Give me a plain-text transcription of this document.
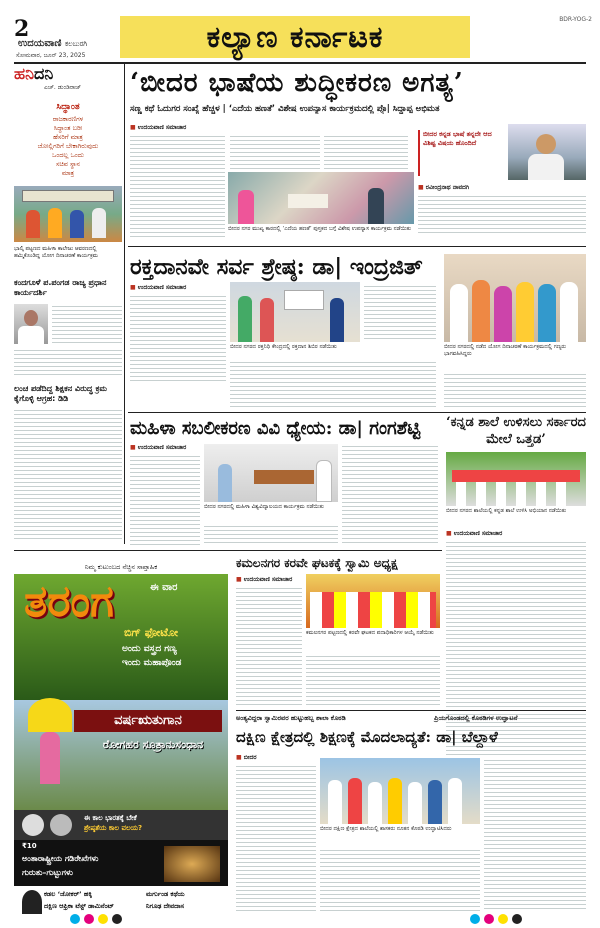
2
ಉದಯವಾಣಿ ಕಲಬುರಗಿ
ಸೋಮವಾರ, ಜೂನ್ 23, 2025
ಕಲ್ಯಾಣ ಕರ್ನಾಟಕ	BDR-YOG-2
ಹನಿದನಿ
ಎಚ್. ಡುಂಡಿರಾಜ್
ಸಿದ್ಧಾಂತ
ರಾಜಕಾರಣಿಗಳ
ಸಿದ್ಧಾಂತ ಬರೀ
ಹೆಸರಿಗೆ ಮಾತ್ರ
ಜೋಲ್ಲಿಗರಿಗೆ ಬೇಕಾಗಿರುವುದು
ಒಂದಲ್ಲ ಒಂದು
ಸಚಿವ ಸ್ಥಾನ
ಮಾತ್ರ
ಭಾಲ್ಕಿ ಪಟ್ಟಣದ ಮಹಿಳಾ ಕಾಲೇಜು ಆವರಣದಲ್ಲಿ ಹಮ್ಮಿಕೊಂಡಿದ್ದ ಯೋಗ ದಿನಾಚರಣೆ ಕಾರ್ಯಕ್ರಮ
‘ಬೀದರ ಭಾಷೆಯ ಶುದ್ಧೀಕರಣ ಅಗತ್ಯ’
ಸಣ್ಣ ಕಥೆ ಓದುಗರ ಸಂಖ್ಯೆ ಹೆಚ್ಚಳ | ‘ಎದೆಯ ಹಣತೆ’ ವಿಶೇಷ ಉಪನ್ಯಾಸ ಕಾರ್ಯಕ್ರಮದಲ್ಲಿ ಪ್ರೊ| ಸಿದ್ದಾಪ್ಪ ಅಭಿಮತ
■ ಉದಯವಾಣಿ ಸಮಾಚಾರ
ಬೀದರ ನಗರ ಮುಖ್ಯ ಕಾರದಲ್ಲಿ ‘ಎದೆಯ ಹಣತೆ’ ಪುಸ್ತಕದ ಬಗ್ಗೆ ವಿಶೇಷ ಉಪನ್ಯಾಸ ಕಾರ್ಯಕ್ರಮ ನಡೆಯಿತು
ಬೀದರ ಕನ್ನಡ ಭಾಷೆ ತನ್ನದೇ ಆದ ವಿಶಿಷ್ಟ ವಿಷಯ ಹೊಂದಿದೆ
■ ರವೀಂದ್ರನಾಥ ನಾವದಗಿ
ರಕ್ತದಾನವೇ ಸರ್ವ ಶ್ರೇಷ್ಠ: ಡಾ| ಇಂದ್ರಜಿತ್
■ ಉದಯವಾಣಿ ಸಮಾಚಾರ
ಬೀದರ ನಗರದ ರಕ್ತನಿಧಿ ಕೇಂದ್ರದಲ್ಲಿ ರಕ್ತದಾನ ಶಿಬಿರ ನಡೆಯಿತು
ಕಂದಗೂಳೆ ಪ.ಪಂಗಡ ರಾಜ್ಯ ಪ್ರಧಾನ ಕಾರ್ಯದರ್ಶಿ
ಲಂಚ ಪಡೆದಿದ್ದ ಶಿಕ್ಷಕನ ವಿರುದ್ಧ ಕ್ರಮ ಕೈಗೊಳ್ಳಿ ಆಗ್ರಹ: ಡಿಡಿ
ಬೀದರ ನಗರದಲ್ಲಿ ನಡೆದ ಯೋಗ ದಿನಾಚರಣೆ ಕಾರ್ಯಕ್ರಮದಲ್ಲಿ ಗಣ್ಯರು ಭಾಗವಹಿಸಿದ್ದರು
ಮಹಿಳಾ ಸಬಲೀಕರಣ ವಿವಿ ಧ್ಯೇಯ: ಡಾ| ಗಂಗಶೆಟ್ಟಿ
■ ಉದಯವಾಣಿ ಸಮಾಚಾರ
ಬೀದರ ನಗರದಲ್ಲಿ ಮಹಿಳಾ ವಿಶ್ವವಿದ್ಯಾಲಯದ ಕಾರ್ಯಕ್ರಮ ನಡೆಯಿತು
‘ಕನ್ನಡ ಶಾಲೆ ಉಳಿಸಲು ಸರ್ಕಾರದ ಮೇಲೆ ಒತ್ತಡ’
ಬೀದರ ನಗರದ ಶಾಲೆಯಲ್ಲಿ ಕನ್ನಡ ಶಾಲೆ ಉಳಿಸಿ ಅಭಿಯಾನ ನಡೆಯಿತು
■ ಉದಯವಾಣಿ ಸಮಾಚಾರ
ನಿಮ್ಮ ಕುಟುಂಬದ ನೆಚ್ಚಿನ ಸಾಪ್ತಾಹಿಕ
ತರಂಗ	ಈ ವಾರ
ಬಿಗ್ ಫೋಟೋ
ಅಂದು ವಸ್ತ್ರದ ಗಣ್ಯ
ಇಂದು ಮಹಾಪೊಂಡ
ವರ್ಷಋತುಗಾನ
ರೋಗಹರ ಸೂತ್ರಾನುಸಂಧಾನ
ಈ ಕಾಲ ಭಾರತಕ್ಕೆ ಬೇಕೆ
ಶ್ರೇಷ್ಠತೆಯ ಕಾಲ ವಲಯ?
₹10
ಅಂತಾರಾಷ್ಟ್ರೀಯ ಗಡಿರೇಖೆಗಳು
ಗುರುತು–ಗುಟ್ಟುಗಳು
ಕಡಲ ‘ಜೋಕರ್’ ಹಕ್ಕಿ
ದಕ್ಷಿಣ ಆಫ್ರಿಕಾ ಟೆಸ್ಟ್ ಡಾಮಿನೆಂಟ್
ಮರ್ಗುಂಡ ಕಥೆಯ
ನಿಗೂಢ ದೇವದಾಸ
ಕಮಲನಗರ ಕರವೇ ಘಟಕಕ್ಕೆ ಸ್ವಾಮಿ ಅಧ್ಯಕ್ಷ
■ ಉದಯವಾಣಿ ಸಮಾಚಾರ
ಕಮಲನಗರ ಪಟ್ಟಣದಲ್ಲಿ ಕರವೇ ಘಟಕದ ಪದಾಧಿಕಾರಿಗಳ ಆಯ್ಕೆ ನಡೆಯಿತು
ಅಂತ್ಯವಿದ್ದರಾ ಸ್ವಾಮಿರವರ ಹುಟ್ಟುಹಬ್ಬ ಶಾಲಾ ಕೊಠಡಿ	ಪ್ರಿಯಗೊಂಡದಲ್ಲಿ ಕೊಠಡಿಗಳ ಉದ್ಘಾಟನೆ
ದಕ್ಷಿಣ ಕ್ಷೇತ್ರದಲ್ಲಿ ಶಿಕ್ಷಣಕ್ಕೆ ಮೊದಲಾದ್ಯತೆ: ಡಾ| ಬೆಲ್ದಾಳೆ
■ ಬೀದರ
ಬೀದರ ದಕ್ಷಿಣ ಕ್ಷೇತ್ರದ ಶಾಲೆಯಲ್ಲಿ ಶಾಸಕರು ನೂತನ ಕೊಠಡಿ ಉದ್ಘಾಟಿಸಿದರು
